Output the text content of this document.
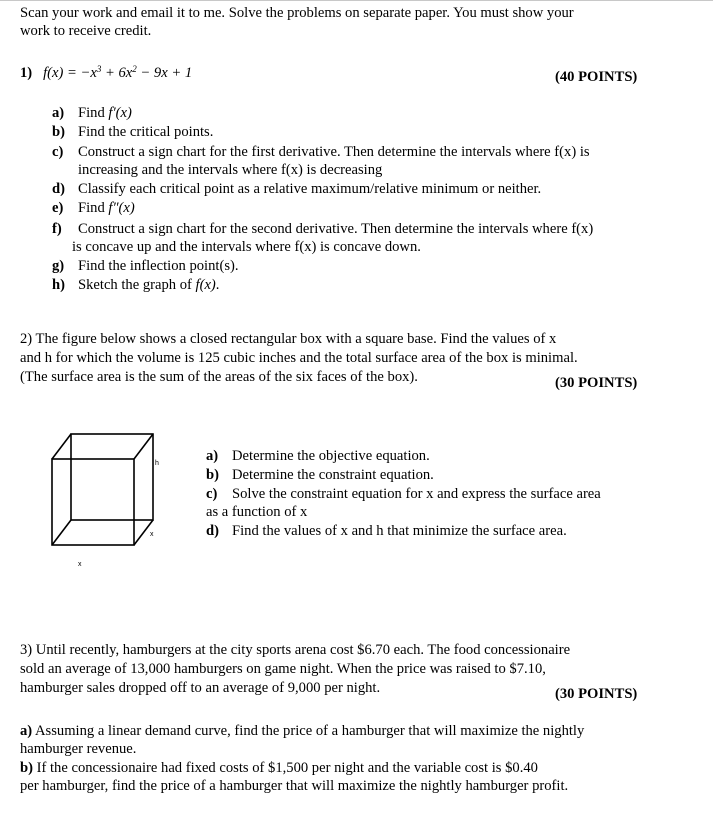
Scan your work and email it to me. Solve the problems on separate paper. You must show your
work to receive credit.
1) $f(x) = -x^3 + 6x^2 - 9x + 1$	(40 POINTS)
a) Find f′(x)
b) Find the critical points.
c) Construct a sign chart for the first derivative. Then determine the intervals where f(x) is
increasing and the intervals where f(x) is decreasing
d) Classify each critical point as a relative maximum/relative minimum or neither.
e) Find f″(x)
f) Construct a sign chart for the second derivative. Then determine the intervals where f(x)
is concave up and the intervals where f(x) is concave down.
g) Find the inflection point(s).
h) Sketch the graph of f(x).
2) The figure below shows a closed rectangular box with a square base. Find the values of x
and h for which the volume is 125 cubic inches and the total surface area of the box is minimal.
(The surface area is the sum of the areas of the six faces of the box).	(30 POINTS)
h
x
x
a) Determine the objective equation.
b) Determine the constraint equation.
c) Solve the constraint equation for x and express the surface area
as a function of x
d) Find the values of x and h that minimize the surface area.
3) Until recently, hamburgers at the city sports arena cost $6.70 each. The food concessionaire
sold an average of 13,000 hamburgers on game night. When the price was raised to $7.10,
hamburger sales dropped off to an average of 9,000 per night.	(30 POINTS)
a) Assuming a linear demand curve, find the price of a hamburger that will maximize the nightly
hamburger revenue.
b) If the concessionaire had fixed costs of $1,500 per night and the variable cost is $0.40
per hamburger, find the price of a hamburger that will maximize the nightly hamburger profit.
